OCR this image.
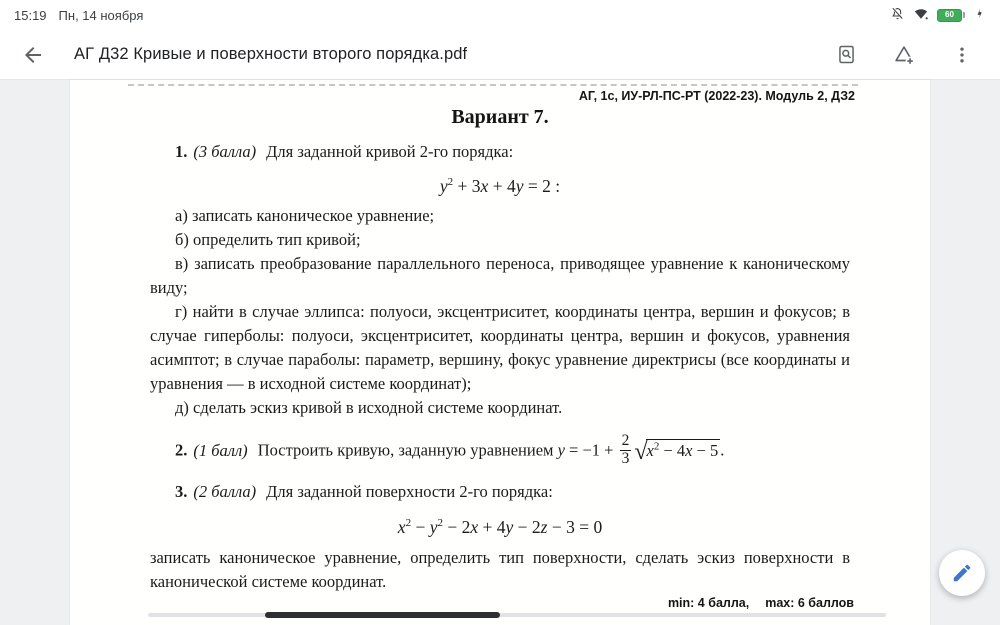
15:19 Пн, 14 ноября	60
АГ Д32 Кривые и поверхности второго порядка.pdf
АГ, 1с, ИУ-РЛ-ПС-РТ (2022-23). Модуль 2, ДЗ2
Вариант 7.
1. (3 балла) Для заданной кривой 2-го порядка:
$y^2 + 3x + 4y = 2$ :
а) записать каноническое уравнение;
б) определить тип кривой;
в) записать преобразование параллельного переноса, приводящее уравнение к каноническому виду;
г) найти в случае эллипса: полуоси, эксцентриситет, координаты центра, вершин и фокусов; в случае гиперболы: полуоси, эксцентриситет, координаты центра, вершин и фокусов, уравнения асимптот; в случае параболы: параметр, вершину, фокус уравнение директрисы (все координаты и уравнения — в исходной системе координат);
д) сделать эскиз кривой в исходной системе координат.
2. (1 балл) Построить кривую, заданную уравнением $y = -1 + \frac{2}{3} √x^2 - 4x - 5$ .
3. (2 балла) Для заданной поверхности 2-го порядка:
$x^2 - y^2 - 2x + 4y - 2z - 3 = 0$
записать каноническое уравнение, определить тип поверхности, сделать эскиз поверхности в канонической системе координат.
min: 4 балла, max: 6 баллов
